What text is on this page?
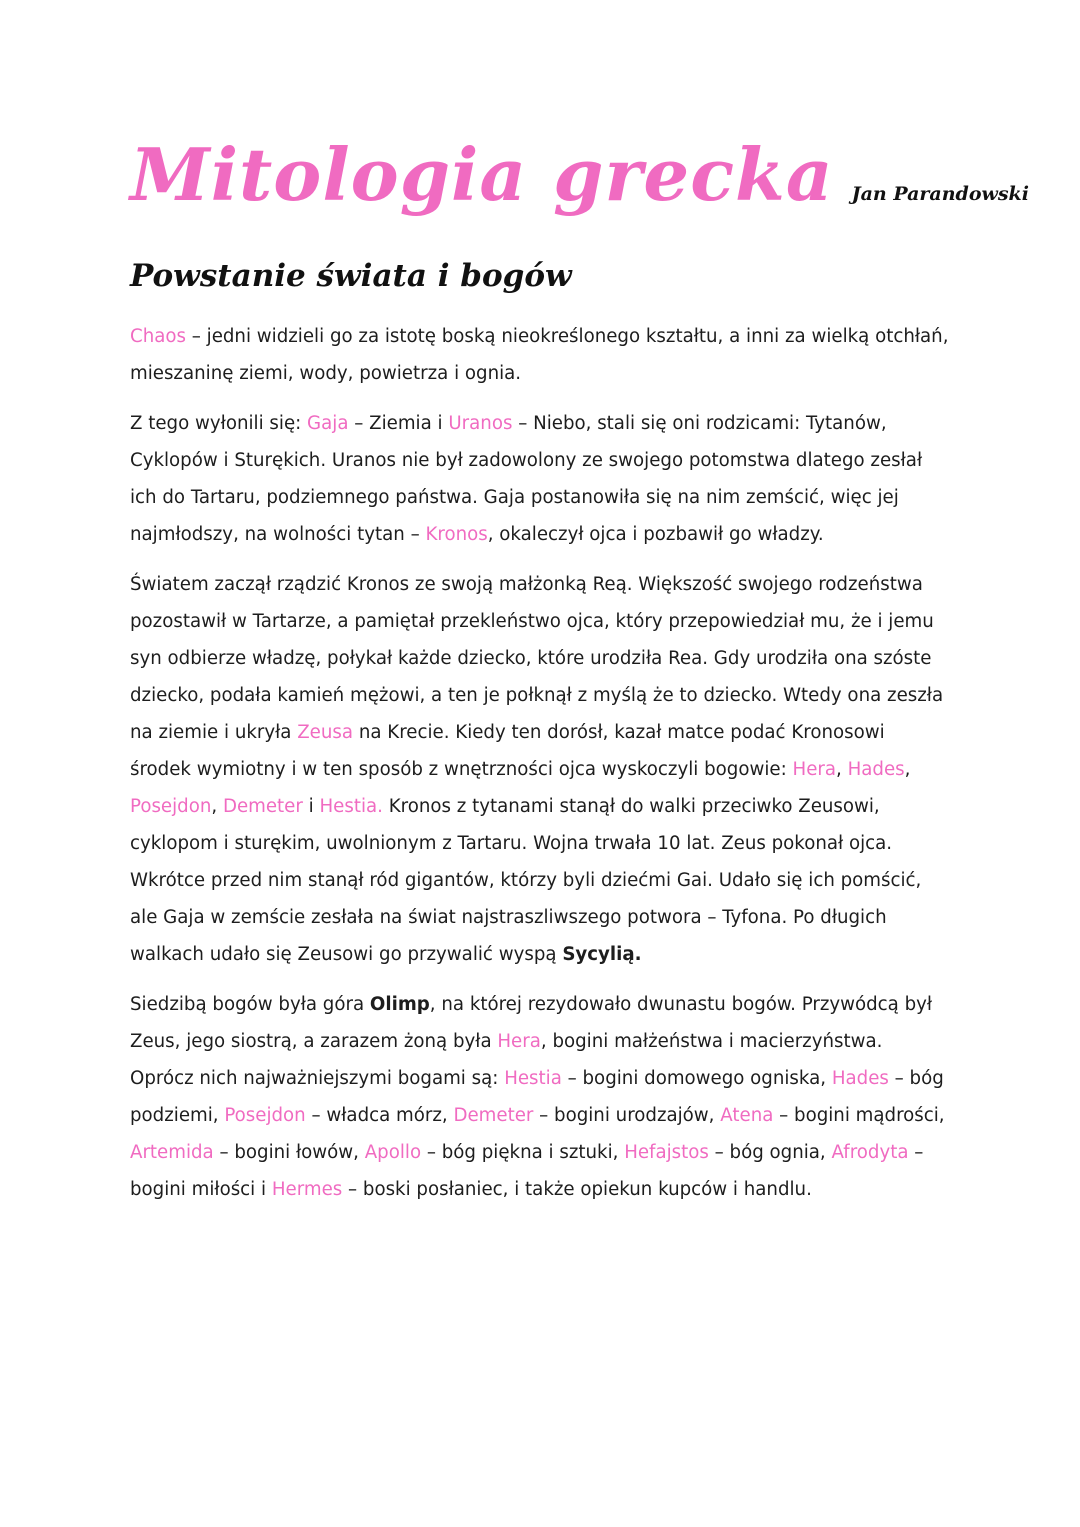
Mitologia grecka Jan Parandowski
Powstanie świata i bogów

Chaos – jedni widzieli go za istotę boską nieokreślonego kształtu, a inni za wielką otchłań, mieszaninę ziemi, wody, powietrza i ognia.

Z tego wyłonili się: Gaja – Ziemia i Uranos – Niebo, stali się oni rodzicami: Tytanów, Cyklopów i Sturękich. Uranos nie był zadowolony ze swojego potomstwa dlatego zesłał ich do Tartaru, podziemnego państwa. Gaja postanowiła się na nim zemścić, więc jej najmłodszy, na wolności tytan – Kronos, okaleczył ojca i pozbawił go władzy.

Światem zaczął rządzić Kronos ze swoją małżonką Reą. Większość swojego rodzeństwa pozostawił w Tartarze, a pamiętał przekleństwo ojca, który przepowiedział mu, że i jemu syn odbierze władzę, połykał każde dziecko, które urodziła Rea. Gdy urodziła ona szóste dziecko, podała kamień mężowi, a ten je połknął z myślą że to dziecko. Wtedy ona zeszła na ziemie i ukryła Zeusa na Krecie. Kiedy ten dorósł, kazał matce podać Kronosowi środek wymiotny i w ten sposób z wnętrzności ojca wyskoczyli bogowie: Hera, Hades, Posejdon, Demeter i Hestia. Kronos z tytanami stanął do walki przeciwko Zeusowi, cyklopom i sturękim, uwolnionym z Tartaru. Wojna trwała 10 lat. Zeus pokonał ojca. Wkrótce przed nim stanął ród gigantów, którzy byli dziećmi Gai. Udało się ich pomścić, ale Gaja w zemście zesłała na świat najstraszliwszego potwora – Tyfona. Po długich walkach udało się Zeusowi go przywalić wyspą Sycylią.

Siedzibą bogów była góra Olimp, na której rezydowało dwunastu bogów. Przywódcą był Zeus, jego siostrą, a zarazem żoną była Hera, bogini małżeństwa i macierzyństwa. Oprócz nich najważniejszymi bogami są: Hestia – bogini domowego ogniska, Hades – bóg podziemi, Posejdon – władca mórz, Demeter – bogini urodzajów, Atena – bogini mądrości, Artemida – bogini łowów, Apollo – bóg piękna i sztuki, Hefajstos – bóg ognia, Afrodyta – bogini miłości i Hermes – boski posłaniec, i także opiekun kupców i handlu.
